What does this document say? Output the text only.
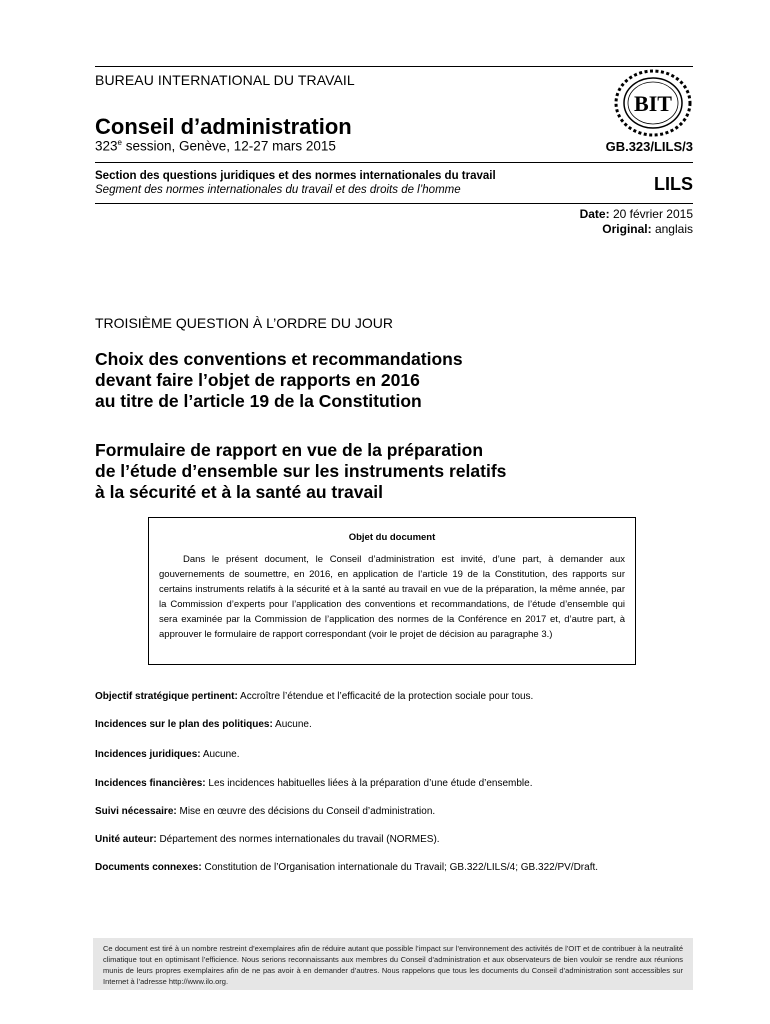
BUREAU INTERNATIONAL DU TRAVAIL
BIT
Conseil d’administration
323e session, Genève, 12-27 mars 2015	GB.323/LILS/3
Section des questions juridiques et des normes internationales du travail
Segment des normes internationales du travail et des droits de l’homme	LILS
Date: 20 février 2015
Original: anglais
TROISIÈME QUESTION À L’ORDRE DU JOUR
Choix des conventions et recommandations
devant faire l’objet de rapports en 2016
au titre de l’article 19 de la Constitution
Formulaire de rapport en vue de la préparation
de l’étude d’ensemble sur les instruments relatifs
à la sécurité et à la santé au travail
Objet du document
Dans le présent document, le Conseil d’administration est invité, d’une part, à demander aux gouvernements de soumettre, en 2016, en application de l’article 19 de la Constitution, des rapports sur certains instruments relatifs à la sécurité et à la santé au travail en vue de la préparation, la même année, par la Commission d’experts pour l’application des conventions et recommandations, de l’étude d’ensemble qui sera examinée par la Commission de l’application des normes de la Conférence en 2017 et, d’autre part, à approuver le formulaire de rapport correspondant (voir le projet de décision au paragraphe 3.)
Objectif stratégique pertinent: Accroître l’étendue et l’efficacité de la protection sociale pour tous.
Incidences sur le plan des politiques: Aucune.
Incidences juridiques: Aucune.
Incidences financières: Les incidences habituelles liées à la préparation d’une étude d’ensemble.
Suivi nécessaire: Mise en œuvre des décisions du Conseil d’administration.
Unité auteur: Département des normes internationales du travail (NORMES).
Documents connexes: Constitution de l’Organisation internationale du Travail; GB.322/LILS/4; GB.322/PV/Draft.
Ce document est tiré à un nombre restreint d’exemplaires afin de réduire autant que possible l’impact sur l’environnement des activités de l’OIT et de contribuer à la neutralité climatique tout en optimisant l’efficience. Nous serions reconnaissants aux membres du Conseil d’administration et aux observateurs de bien vouloir se rendre aux réunions munis de leurs propres exemplaires afin de ne pas avoir à en demander d’autres. Nous rappelons que tous les documents du Conseil d’administration sont accessibles sur Internet à l’adresse http://www.ilo.org.
